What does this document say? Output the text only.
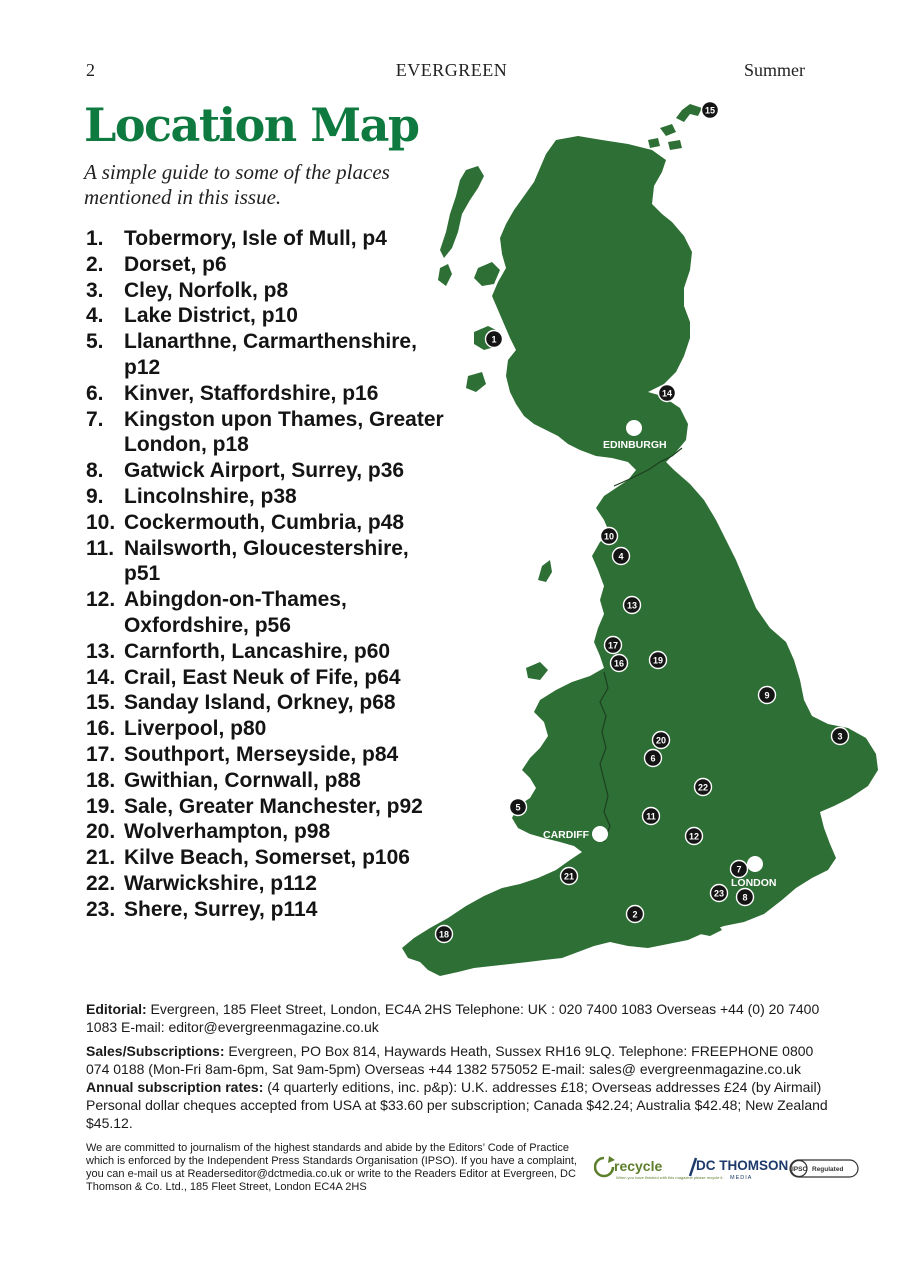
2	EVERGREEN	Summer
Location Map
A simple guide to some of the places mentioned in this issue.
1. Tobermory, Isle of Mull, p4
2. Dorset, p6
3. Cley, Norfolk, p8
4. Lake District, p10
5. Llanarthne, Carmarthenshire, p12
6. Kinver, Staffordshire, p16
7. Kingston upon Thames, Greater London, p18
8. Gatwick Airport, Surrey, p36
9. Lincolnshire, p38
10. Cockermouth, Cumbria, p48
11. Nailsworth, Gloucestershire, p51
12. Abingdon-on-Thames, Oxfordshire, p56
13. Carnforth, Lancashire, p60
14. Crail, East Neuk of Fife, p64
15. Sanday Island, Orkney, p68
16. Liverpool, p80
17. Southport, Merseyside, p84
18. Gwithian, Cornwall, p88
19. Sale, Greater Manchester, p92
20. Wolverhampton, p98
21. Kilve Beach, Somerset, p106
22. Warwickshire, p112
23. Shere, Surrey, p114
1
2
3
4
5
6
7
8
9
10
11
12
13
14
15
16
17
18
19
20
21
22
23
EDINBURGH
CARDIFF
LONDON
Editorial: Evergreen, 185 Fleet Street, London, EC4A 2HS Telephone: UK : 020 7400 1083 Overseas +44 (0) 20 7400 1083 E-mail: editor@evergreenmagazine.co.uk
Sales/Subscriptions: Evergreen, PO Box 814, Haywards Heath, Sussex RH16 9LQ. Telephone: FREEPHONE 0800 074 0188 (Mon-Fri 8am-6pm, Sat 9am-5pm) Overseas +44 1382 575052 E-mail: sales@ evergreenmagazine.co.uk Annual subscription rates: (4 quarterly editions, inc. p&p): U.K. addresses £18; Overseas addresses £24 (by Airmail) Personal dollar cheques accepted from USA at $33.60 per subscription; Canada $42.24; Australia $42.48; New Zealand $45.12.
We are committed to journalism of the highest standards and abide by the Editors’ Code of Practice which is enforced by the Independent Press Standards Organisation (IPSO). If you have a complaint, you can e-mail us at Readerseditor@dctmedia.co.uk or write to the Readers Editor at Evergreen, DC Thomson & Co. Ltd., 185 Fleet Street, London EC4A 2HS
recycle
When you have finished with this magazine please recycle it.
DC THOMSON
MEDIA
IPSO Regulated
